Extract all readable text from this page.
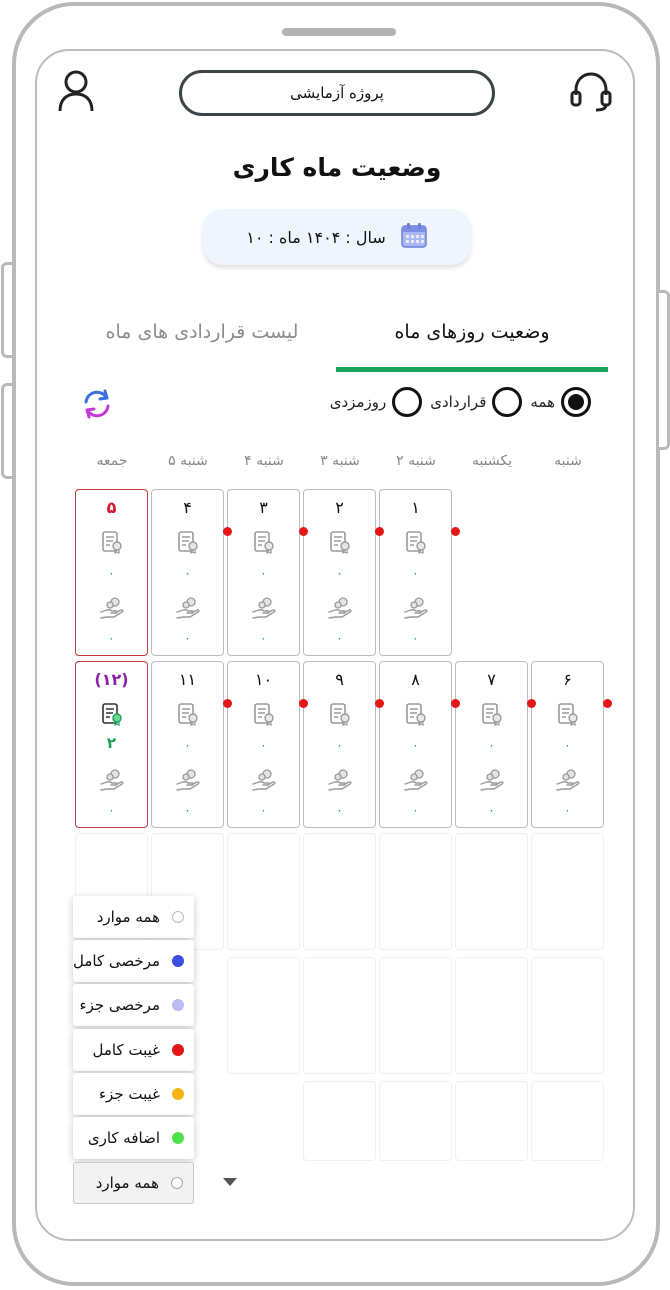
پروژه آزمایشی
وضعیت ماه کاری
سال : ۱۴۰۴ ماه : ۱۰
وضعیت روزهای ماه
لیست قراردادی های ماه
همه
قراردادی
روزمزدی
شنبه
یکشنبه
۲ شنبه
۳ شنبه
۴ شنبه
۵ شنبه
جمعه
۱
۰
۰
۲
۰
۰
۳
۰
۰
۴
۰
۰
۵
۰
۰
۶
۰
۰
۷
۰
۰
۸
۰
۰
۹
۰
۰
۱۰
۰
۰
۱۱
۰
۰
(۱۲)
۲
۰
همه موارد
مرخصی کامل
مرخصی جزء
غیبت کامل
غیبت جزء
اضافه کاری
همه موارد
